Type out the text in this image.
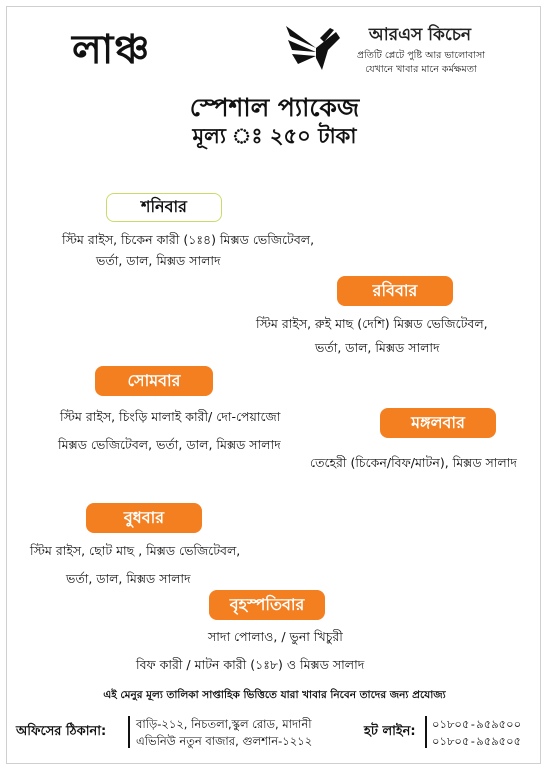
লাঞ্চ	আরএস কিচেন
প্রতিটি প্লেটে পুষ্টি আর ভালোবাসা
যেখানে খাবার মানে কর্মক্ষমতা
স্পেশাল প্যাকেজ
মূল্য ঃ ২৫০ টাকা
শনিবার
স্টিম রাইস, চিকেন কারী (১ঃ৪) মিক্সড ভেজিটেবল,
ভর্তা, ডাল, মিক্সড সালাদ
রবিবার
স্টিম রাইস, রুই মাছ (দেশি) মিক্সড ভেজিটেবল,
ভর্তা, ডাল, মিক্সড সালাদ
সোমবার
স্টিম রাইস, চিংড়ি মালাই কারী/ দো-পেয়াজো
মিক্সড ভেজিটেবল, ভর্তা, ডাল, মিক্সড সালাদ
মঙ্গলবার
তেহেরী (চিকেন/বিফ/মাটন), মিক্সড সালাদ
বুধবার
স্টিম রাইস, ছোট মাছ , মিক্সড ভেজিটেবল,
ভর্তা, ডাল, মিক্সড সালাদ
বৃহস্পতিবার
সাদা পোলাও, / ভুনা খিচুরী
বিফ কারী / মাটন কারী (১ঃ৮) ও মিক্সড সালাদ
এই মেনুর মূল্য তালিকা সাপ্তাহিক ভিত্তিতে যারা খাবার নিবেন তাদের জন্য প্রযোজ্য
অফিসের ঠিকানা:	বাড়ি-২১২, নিচতলা,স্কুল রোড, মাদানী
এভিনিউ নতুন বাজার, গুলশান-১২১২
হট লাইন: ০১৮০৫-৯৫৯৫০০
০১৮০৫-৯৫৯৫০৫
